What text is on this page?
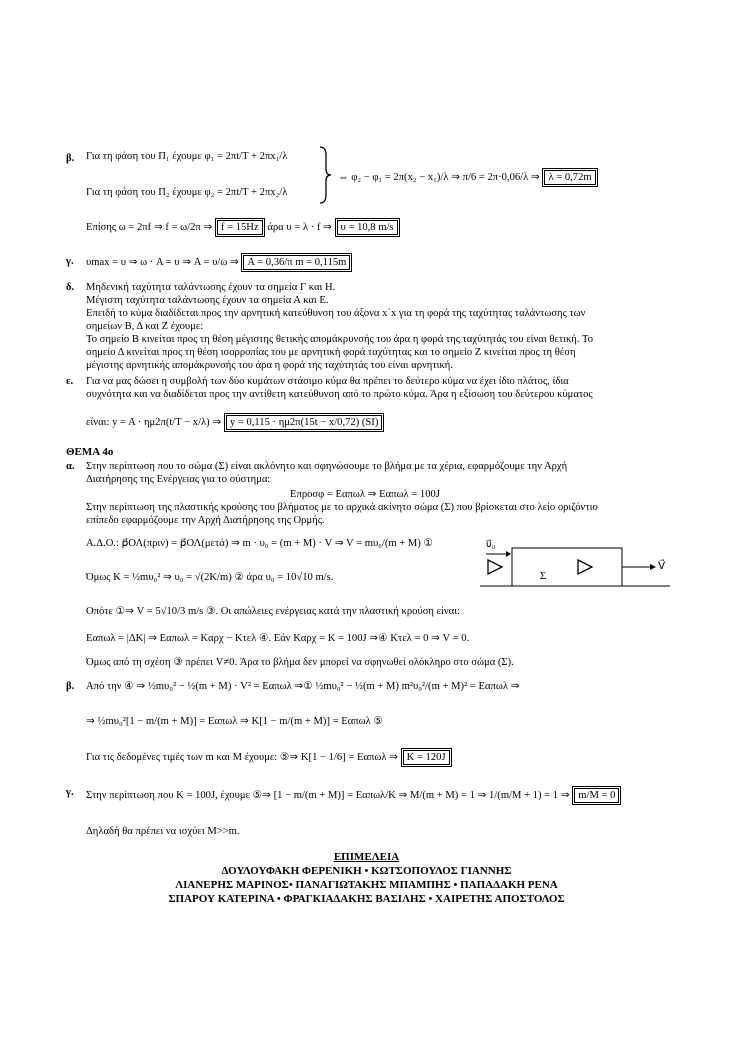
β. Για τη φάση του Π₁ έχουμε φ₁ = 2πt/T + 2πx₁/λ
Για τη φάση του Π₂ έχουμε φ₂ = 2πt/T + 2πx₂/λ
⇔ φ₂ − φ₁ = 2π(x₂ − x₁)/λ ⇒ π/6 = 2π·0,06/λ ⇒ λ = 0,72m
Επίσης ω = 2πf ⇒ f = ω/2π ⇒ f = 15Hz άρα υ = λ · f ⇒ υ = 10,8 m/s
γ. υmax = υ ⇒ ω · A = υ ⇒ A = υ/ω ⇒ A = 0,36/π m = 0,115m
δ. Μηδενική ταχύτητα ταλάντωσης έχουν τα σημεία Γ και Η.
Μέγιστη ταχύτητα ταλάντωσης έχουν τα σημεία Α και Ε.
Επειδή το κύμα διαδίδεται προς την αρνητική κατεύθυνση του άξονα x΄x για τη φορά της ταχύτητας ταλάντωσης των
σημείων Β, Δ και Ζ έχουμε:
Το σημείο Β κινείται προς τη θέση μέγιστης θετικής απομάκρυνσής του άρα η φορά της ταχύτητάς του είναι θετική. Το
σημείο Δ κινείται προς τη θέση ισορροπίας του με αρνητική φορά ταχύτητας και το σημείο Ζ κινείται προς τη θέση
μέγιστης αρνητικής απομάκρυνσής του άρα η φορά της ταχύτητάς του είναι αρνητική.
ε. Για να μας δώσει η συμβολή των δύο κυμάτων στάσιμο κύμα θα πρέπει το δεύτερο κύμα να έχει ίδιο πλάτος, ίδια
συχνότητα και να διαδίδεται προς την αντίθετη κατεύθυνση από το πρώτο κύμα. Άρα η εξίσωση του δεύτερου κύματος
είναι: y = A · ημ2π(t/T − x/λ) ⇒ y = 0,115 · ημ2π(15t − x/0,72) (SI)
ΘΕΜΑ 4ο
α. Στην περίπτωση που το σώμα (Σ) είναι ακλόνητο και σφηνώσουμε το βλήμα με τα χέρια, εφαρμόζουμε την Αρχή
Διατήρησης της Ενέργειας για το σύστημα:
Eπροσφ = Eαπωλ ⇒ Eαπωλ = 100J
Στην περίπτωση της πλαστικής κρούσης του βλήματος με το αρχικά ακίνητο σώμα (Σ) που βρίσκεται στο λείο οριζόντιο
επίπεδο εφαρμόζουμε την Αρχή Διατήρησης της Ορμής.
Α.Δ.Ο.: p⃗ΟΛ(πριν) = p⃗ΟΛ(μετά) ⇒ m · υ₀ = (m + M) · V ⇒ V = mυ₀/(m + M) ①
Όμως K = ½mυ₀² ⇒ υ₀ = √(2K/m) ② άρα υ₀ = 10√10 m/s.
υ⃗₀
Σ
V⃗
Οπότε ①⇒ V = 5√10/3 m/s ③. Οι απώλειες ενέργειας κατά την πλαστική κρούση είναι:
Eαπωλ = |ΔK| ⇒ Eαπωλ = Kαρχ − Kτελ ④. Εάν Kαρχ = K = 100J ⇒④ Kτελ = 0 ⇒ V = 0.
Όμως από τη σχέση ③ πρέπει V≠0. Άρα το βλήμα δεν μπορεί να σφηνωθεί ολόκληρο στο σώμα (Σ).
β. Από την ④ ⇒ ½mυ₀² − ½(m + M) · V² = Eαπωλ ⇒① ½mυ₀² − ½(m + M) m²υ₀²/(m + M)² = Eαπωλ ⇒
⇒ ½mυ₀²[1 − m/(m + M)] = Eαπωλ ⇒ K[1 − m/(m + M)] = Eαπωλ ⑤
Για τις δεδομένες τιμές των m και M έχουμε: ⑤⇒ K[1 − 1/6] = Eαπωλ ⇒ K = 120J
γ. Στην περίπτωση που K = 100J, έχουμε ⑤⇒ [1 − m/(m + M)] = Eαπωλ/K ⇒ M/(m + M) = 1 ⇒ 1/(m/M + 1) = 1 ⇒ m/M = 0
Δηλαδή θα πρέπει να ισχύει M>>m.
ΕΠΙΜΕΛΕΙΑ
ΔΟΥΛΟΥΦΑΚΗ ΦΕΡΕΝΙΚΗ • ΚΩΤΣΟΠΟΥΛΟΣ ΓΙΑΝΝΗΣ
ΛΙΑΝΕΡΗΣ ΜΑΡΙΝΟΣ• ΠΑΝΑΓΙΩΤΑΚΗΣ ΜΠΑΜΠΗΣ • ΠΑΠΑΔΑΚΗ ΡΕΝΑ
ΣΠΑΡΟΥ ΚΑΤΕΡΙΝΑ • ΦΡΑΓΚΙΑΔΑΚΗΣ ΒΑΣΙΛΗΣ • ΧΑΙΡΕΤΗΣ ΑΠΟΣΤΟΛΟΣ
